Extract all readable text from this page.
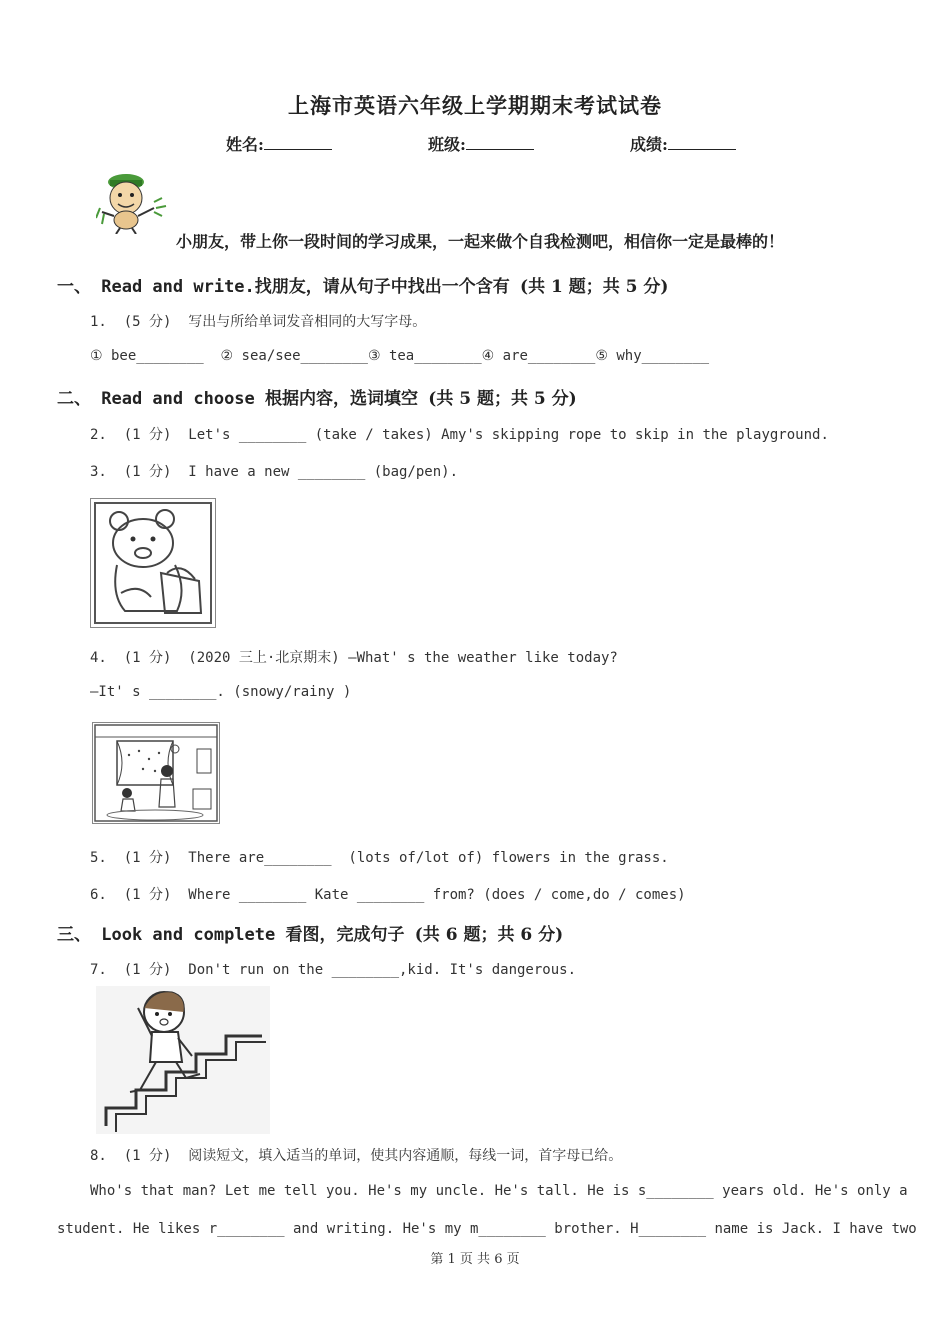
上海市英语六年级上学期期末考试试卷
姓名:	班级:	成绩:
小朋友，带上你一段时间的学习成果，一起来做个自我检测吧，相信你一定是最棒的！
一、 Read and write.找朋友，请从句子中找出一个含有 (共 1 题；共 5 分)
1.  (5 分)  写出与所给单词发音相同的大写字母。
① bee________  ② sea/see________③ tea________④ are________⑤ why________
二、 Read and choose 根据内容，选词填空 (共 5 题；共 5 分)
2.  (1 分)  Let's ________ (take / takes) Amy's skipping rope to skip in the playground.
3.  (1 分)  I have a new ________ (bag/pen).
4.  (1 分)  (2020 三上·北京期末) —What' s the weather like today?
—It' s ________. (snowy/rainy )
5.  (1 分)  There are________  (lots of/lot of) flowers in the grass.
6.  (1 分)  Where ________ Kate ________ from? (does / come,do / comes)
三、 Look and complete 看图，完成句子 (共 6 题；共 6 分)
7.  (1 分)  Don't run on the ________,kid. It's dangerous.
8.  (1 分)  阅读短文，填入适当的单词，使其内容通顺，每线一词，首字母已给。
Who's that man? Let me tell you. He's my uncle. He's tall. He is s________ years old. He's only a
student. He likes r________ and writing. He's my m________ brother. H________ name is Jack. I have two
第 1 页 共 6 页
